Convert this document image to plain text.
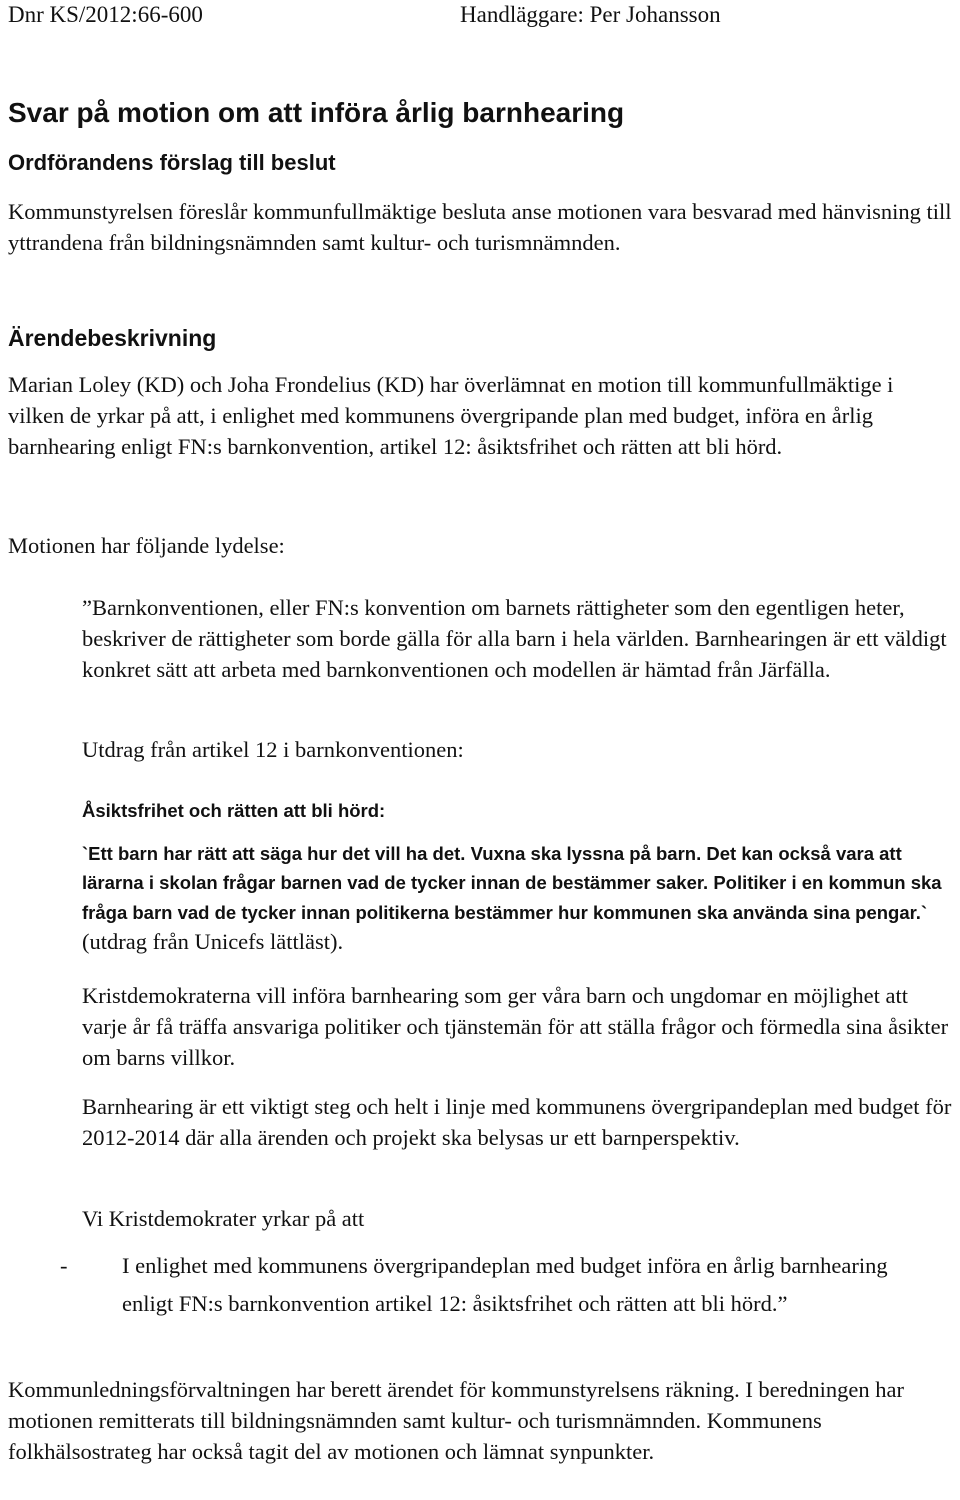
Dnr KS/2012:66-600	Handläggare: Per Johansson
Svar på motion om att införa årlig barnhearing
Ordförandens förslag till beslut

Kommunstyrelsen föreslår kommunfullmäktige besluta anse motionen vara besvarad med hänvisning till yttrandena från bildningsnämnden samt kultur- och turismnämnden.

Ärendebeskrivning

Marian Loley (KD) och Joha Frondelius (KD) har överlämnat en motion till kommunfullmäktige i vilken de yrkar på att, i enlighet med kommunens övergripande plan med budget, införa en årlig barnhearing enligt FN:s barnkonvention, artikel 12: åsiktsfrihet och rätten att bli hörd.

Motionen har följande lydelse:

”Barnkonventionen, eller FN:s konvention om barnets rättigheter som den egentligen heter, beskriver de rättigheter som borde gälla för alla barn i hela världen. Barnhearingen är ett väldigt konkret sätt att arbeta med barnkonventionen och modellen är hämtad från Järfälla.

Utdrag från artikel 12 i barnkonventionen:

Åsiktsfrihet och rätten att bli hörd:

`Ett barn har rätt att säga hur det vill ha det. Vuxna ska lyssna på barn. Det kan också vara att lärarna i skolan frågar barnen vad de tycker innan de bestämmer saker. Politiker i en kommun ska fråga barn vad de tycker innan politikerna bestämmer hur kommunen ska använda sina pengar.` (utdrag från Unicefs lättläst).

Kristdemokraterna vill införa barnhearing som ger våra barn och ungdomar en möjlighet att varje år få träffa ansvariga politiker och tjänstemän för att ställa frågor och förmedla sina åsikter om barns villkor.

Barnhearing är ett viktigt steg och helt i linje med kommunens övergripandeplan med budget för 2012-2014 där alla ärenden och projekt ska belysas ur ett barnperspektiv.

Vi Kristdemokrater yrkar på att

-	I enlighet med kommunens övergripandeplan med budget införa en årlig barnhearing enligt FN:s barnkonvention artikel 12: åsiktsfrihet och rätten att bli hörd.”

Kommunledningsförvaltningen har berett ärendet för kommunstyrelsens räkning. I beredningen har motionen remitterats till bildningsnämnden samt kultur- och turismnämnden. Kommunens folkhälsostrateg har också tagit del av motionen och lämnat synpunkter.
